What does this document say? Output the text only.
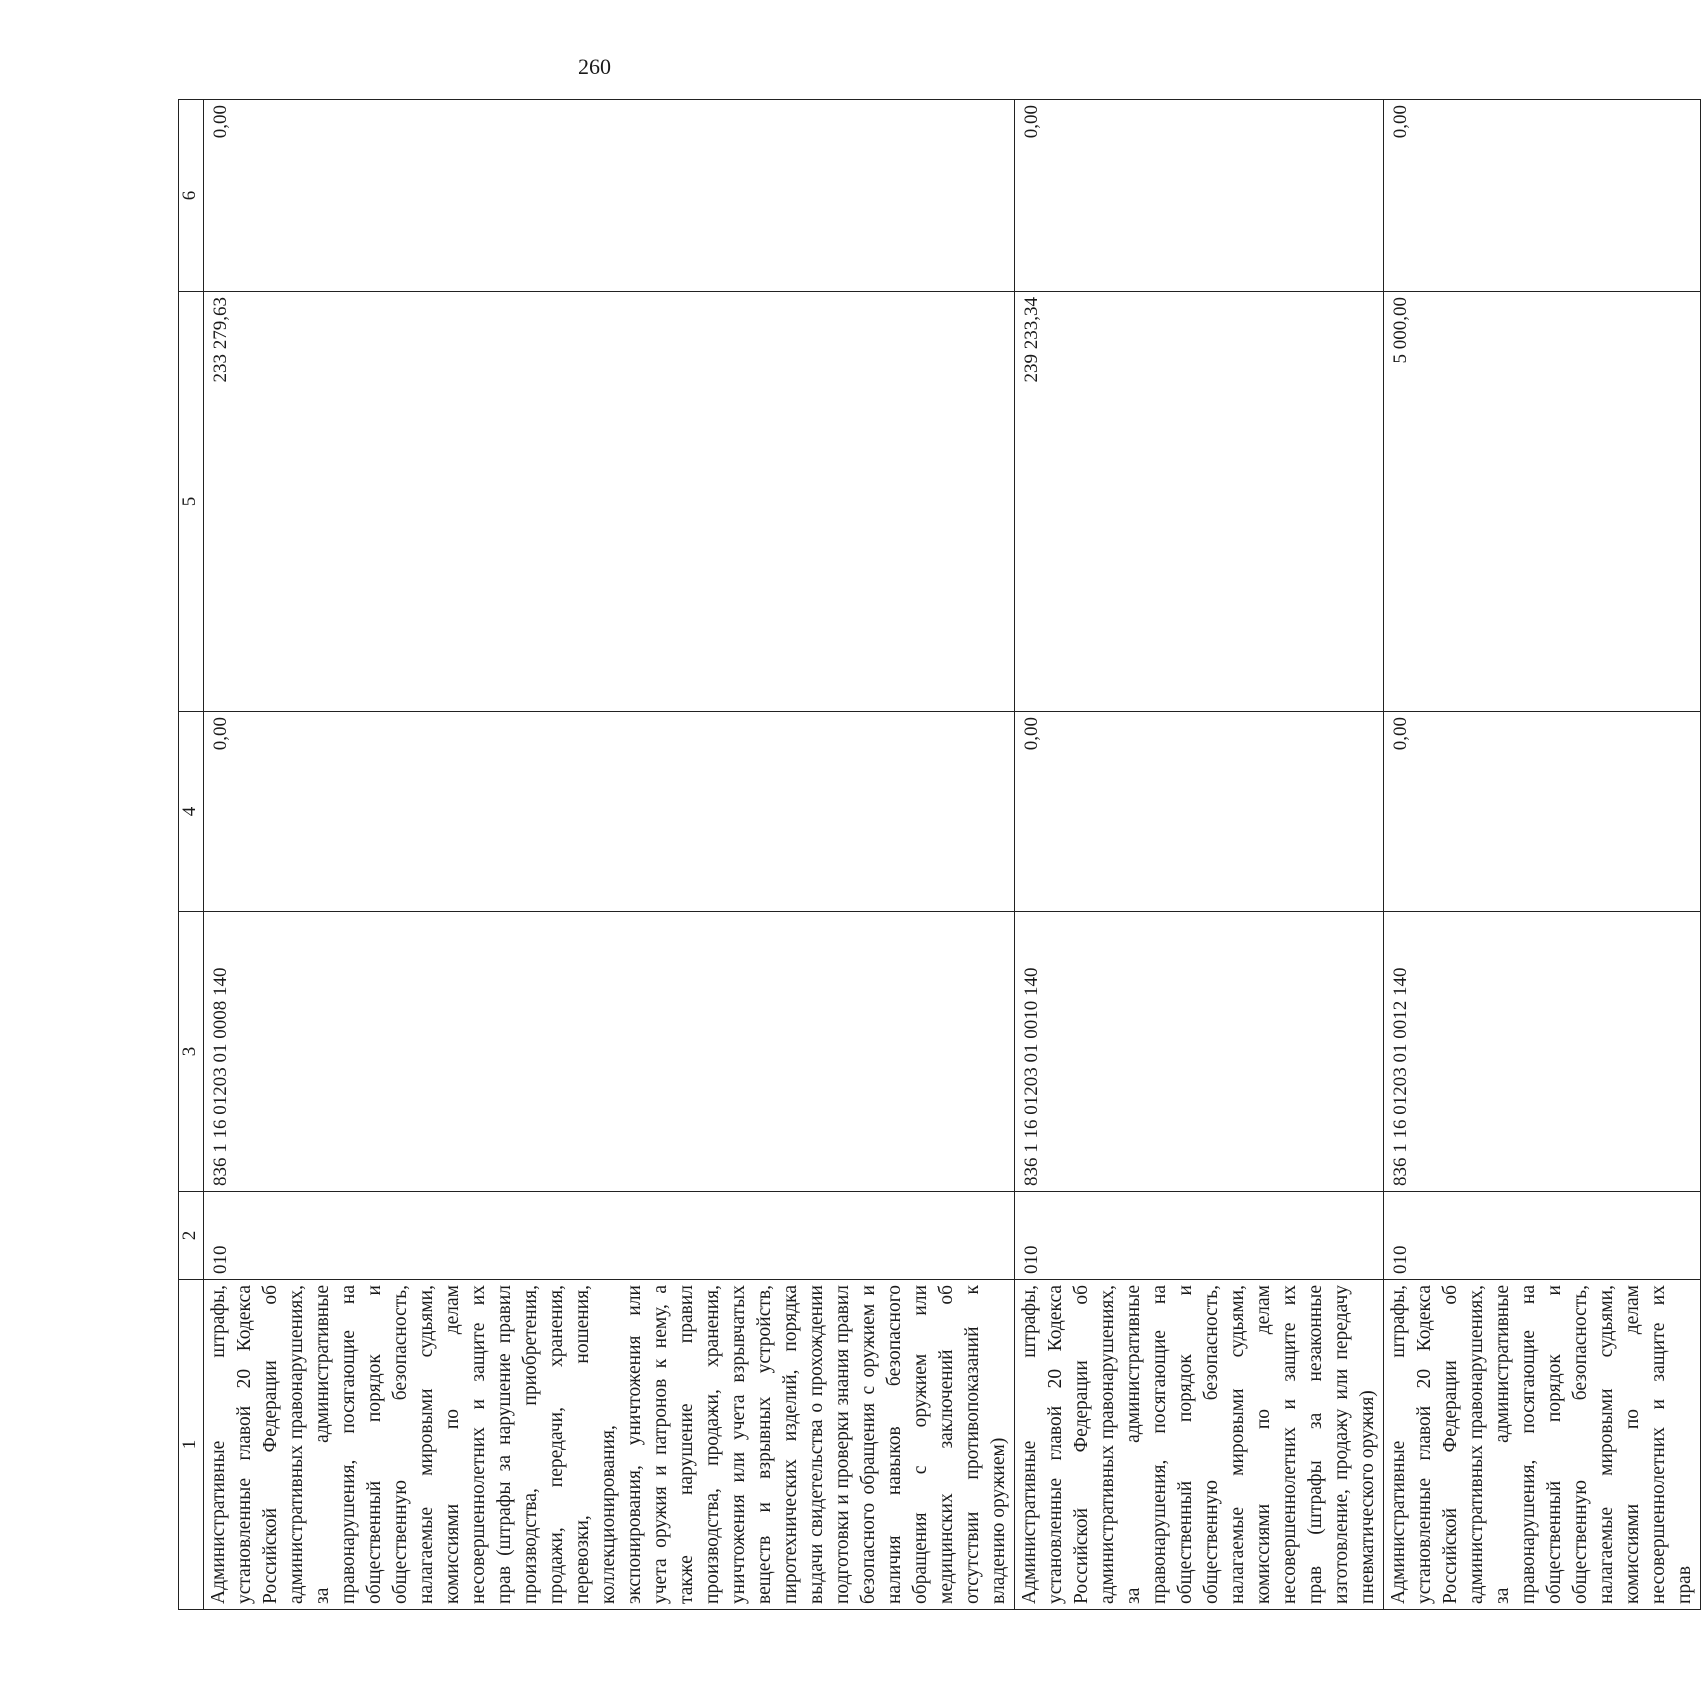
260
1	2	3	4	5	6
Административные штрафы, установленные главой 20 Кодекса Российской Федерации об административных правонарушениях, за административные правонарушения, посягающие на общественный порядок и общественную безопасность, налагаемые мировыми судьями, комиссиями по делам несовершеннолетних и защите их прав (штрафы за нарушение правил производства, приобретения, продажи, передачи, хранения, перевозки, ношения, коллекционирования, экспонирования, уничтожения или учета оружия и патронов к нему, а также нарушение правил производства, продажи, хранения, уничтожения или учета взрывчатых веществ и взрывных устройств, пиротехнических изделий, порядка выдачи свидетельства о прохождении подготовки и проверки знания правил безопасного обращения с оружием и наличия навыков безопасного обращения с оружием или медицинских заключений об отсутствии противопоказаний к владению оружием)	010	836 1 16 01203 01 0008 140	0,00	233 279,63	0,00
Административные штрафы, установленные главой 20 Кодекса Российской Федерации об административных правонарушениях, за административные правонарушения, посягающие на общественный порядок и общественную безопасность, налагаемые мировыми судьями, комиссиями по делам несовершеннолетних и защите их прав (штрафы за незаконные изготовление, продажу или передачу пневматического оружия)	010	836 1 16 01203 01 0010 140	0,00	239 233,34	0,00
Административные штрафы, установленные главой 20 Кодекса Российской Федерации об административных правонарушениях, за административные правонарушения, посягающие на общественный порядок и общественную безопасность, налагаемые мировыми судьями, комиссиями по делам несовершеннолетних и защите их прав	010	836 1 16 01203 01 0012 140	0,00	5 000,00	0,00
